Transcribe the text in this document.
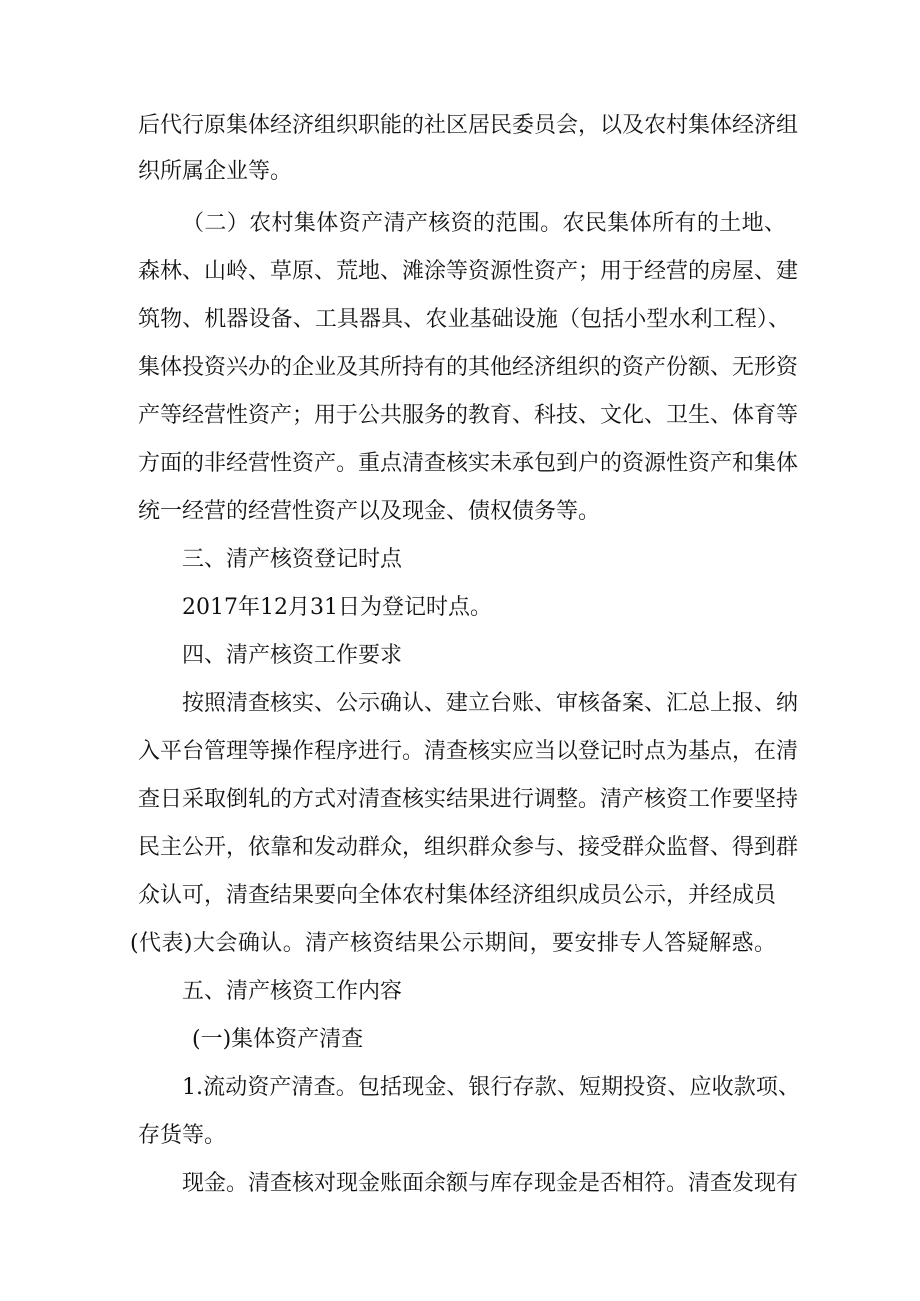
后代行原集体经济组织职能的社区居民委员会，以及农村集体经济组
织所属企业等。
（二）农村集体资产清产核资的范围。农民集体所有的土地、
森林、山岭、草原、荒地、滩涂等资源性资产；用于经营的房屋、建
筑物、机器设备、工具器具、农业基础设施（包括小型水利工程）、
集体投资兴办的企业及其所持有的其他经济组织的资产份额、无形资
产等经营性资产；用于公共服务的教育、科技、文化、卫生、体育等
方面的非经营性资产。重点清查核实未承包到户的资源性资产和集体
统一经营的经营性资产以及现金、债权债务等。
三、清产核资登记时点
2017年12月31日为登记时点。
四、清产核资工作要求
按照清查核实、公示确认、建立台账、审核备案、汇总上报、纳
入平台管理等操作程序进行。清查核实应当以登记时点为基点，在清
查日采取倒轧的方式对清查核实结果进行调整。清产核资工作要坚持
民主公开，依靠和发动群众，组织群众参与、接受群众监督、得到群
众认可，清查结果要向全体农村集体经济组织成员公示，并经成员
(代表)大会确认。清产核资结果公示期间，要安排专人答疑解惑。
五、清产核资工作内容
(一)集体资产清查
1.流动资产清查。包括现金、银行存款、短期投资、应收款项、
存货等。
现金。清查核对现金账面余额与库存现金是否相符。清查发现有
